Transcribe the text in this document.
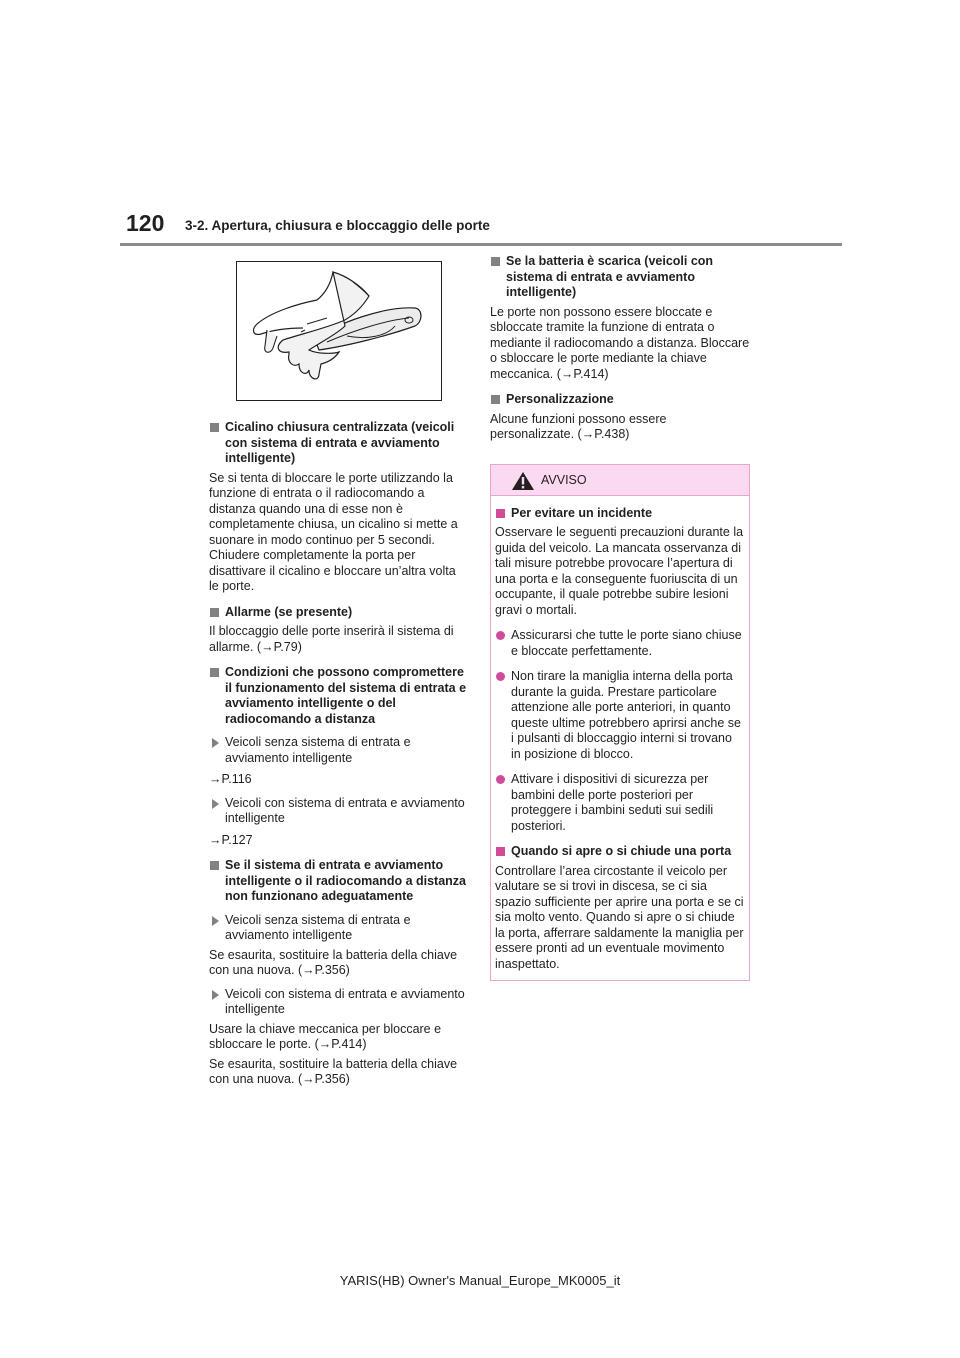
120 3-2. Apertura, chiusura e bloccaggio delle porte
Cicalino chiusura centralizzata (veicoli con sistema di entrata e avviamento intelligente)
Se si tenta di bloccare le porte utilizzando la funzione di entrata o il radiocomando a distanza quando una di esse non è completamente chiusa, un cicalino si mette a suonare in modo continuo per 5 secondi. Chiudere completamente la porta per disattivare il cicalino e bloccare un’altra volta le porte.
Allarme (se presente)
Il bloccaggio delle porte inserirà il sistema di allarme. (→P.79)
Condizioni che possono compromettere il funzionamento del sistema di entrata e avviamento intelligente o del radiocomando a distanza
Veicoli senza sistema di entrata e avviamento intelligente
→P.116
Veicoli con sistema di entrata e avviamento intelligente
→P.127
Se il sistema di entrata e avviamento intelligente o il radiocomando a distanza non funzionano adeguatamente
Veicoli senza sistema di entrata e avviamento intelligente
Se esaurita, sostituire la batteria della chiave con una nuova. (→P.356)
Veicoli con sistema di entrata e avviamento intelligente
Usare la chiave meccanica per bloccare e sbloccare le porte. (→P.414)
Se esaurita, sostituire la batteria della chiave con una nuova. (→P.356)
Se la batteria è scarica (veicoli con sistema di entrata e avviamento intelligente)
Le porte non possono essere bloccate e sbloccate tramite la funzione di entrata o mediante il radiocomando a distanza. Bloccare o sbloccare le porte mediante la chiave meccanica. (→P.414)
Personalizzazione
Alcune funzioni possono essere personalizzate. (→P.438)
AVVISO
Per evitare un incidente
Osservare le seguenti precauzioni durante la guida del veicolo. La mancata osservanza di tali misure potrebbe provocare l’apertura di una porta e la conseguente fuoriuscita di un occupante, il quale potrebbe subire lesioni gravi o mortali.
Assicurarsi che tutte le porte siano chiuse e bloccate perfettamente.
Non tirare la maniglia interna della porta durante la guida. Prestare particolare attenzione alle porte anteriori, in quanto queste ultime potrebbero aprirsi anche se i pulsanti di bloccaggio interni si trovano in posizione di blocco.
Attivare i dispositivi di sicurezza per bambini delle porte posteriori per proteggere i bambini seduti sui sedili posteriori.
Quando si apre o si chiude una porta
Controllare l’area circostante il veicolo per valutare se si trovi in discesa, se ci sia spazio sufficiente per aprire una porta e se ci sia molto vento. Quando si apre o si chiude la porta, afferrare saldamente la maniglia per essere pronti ad un eventuale movimento inaspettato.
YARIS(HB) Owner's Manual_Europe_MK0005_it
